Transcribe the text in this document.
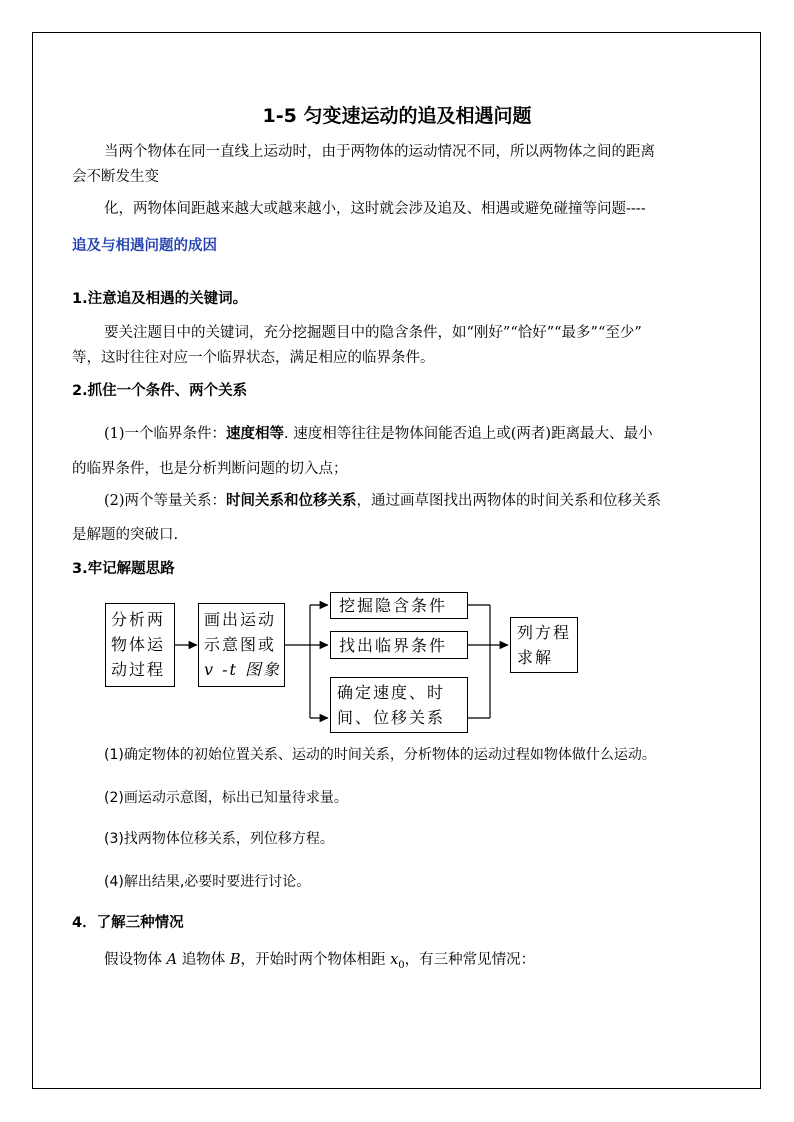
1-5 匀变速运动的追及相遇问题
当两个物体在同一直线上运动时，由于两物体的运动情况不同，所以两物体之间的距离
会不断发生变
化，两物体间距越来越大或越来越小，这时就会涉及追及、相遇或避免碰撞等问题----
追及与相遇问题的成因
1.注意追及相遇的关键词。
要关注题目中的关键词，充分挖掘题目中的隐含条件，如“刚好”“恰好”“最多”“至少”
等，这时往往对应一个临界状态，满足相应的临界条件。
2.抓住一个条件、两个关系
(1)一个临界条件：速度相等. 速度相等往往是物体间能否追上或(两者)距离最大、最小
的临界条件，也是分析判断问题的切入点；
(2)两个等量关系：时间关系和位移关系，通过画草图找出两物体的时间关系和位移关系
是解题的突破口.
3.牢记解题思路
分析两
物体运
动过程
画出运动
示意图或
v -t 图象
挖掘隐含条件
找出临界条件
确定速度、时
间、位移关系
列方程
求解
(1)确定物体的初始位置关系、运动的时间关系，分析物体的运动过程如物体做什么运动。
(2)画运动示意图，标出已知量待求量。
(3)找两物体位移关系，列位移方程。
(4)解出结果,必要时要进行讨论。
4．了解三种情况
假设物体 A 追物体 B，开始时两个物体相距 $x_0$，有三种常见情况：
